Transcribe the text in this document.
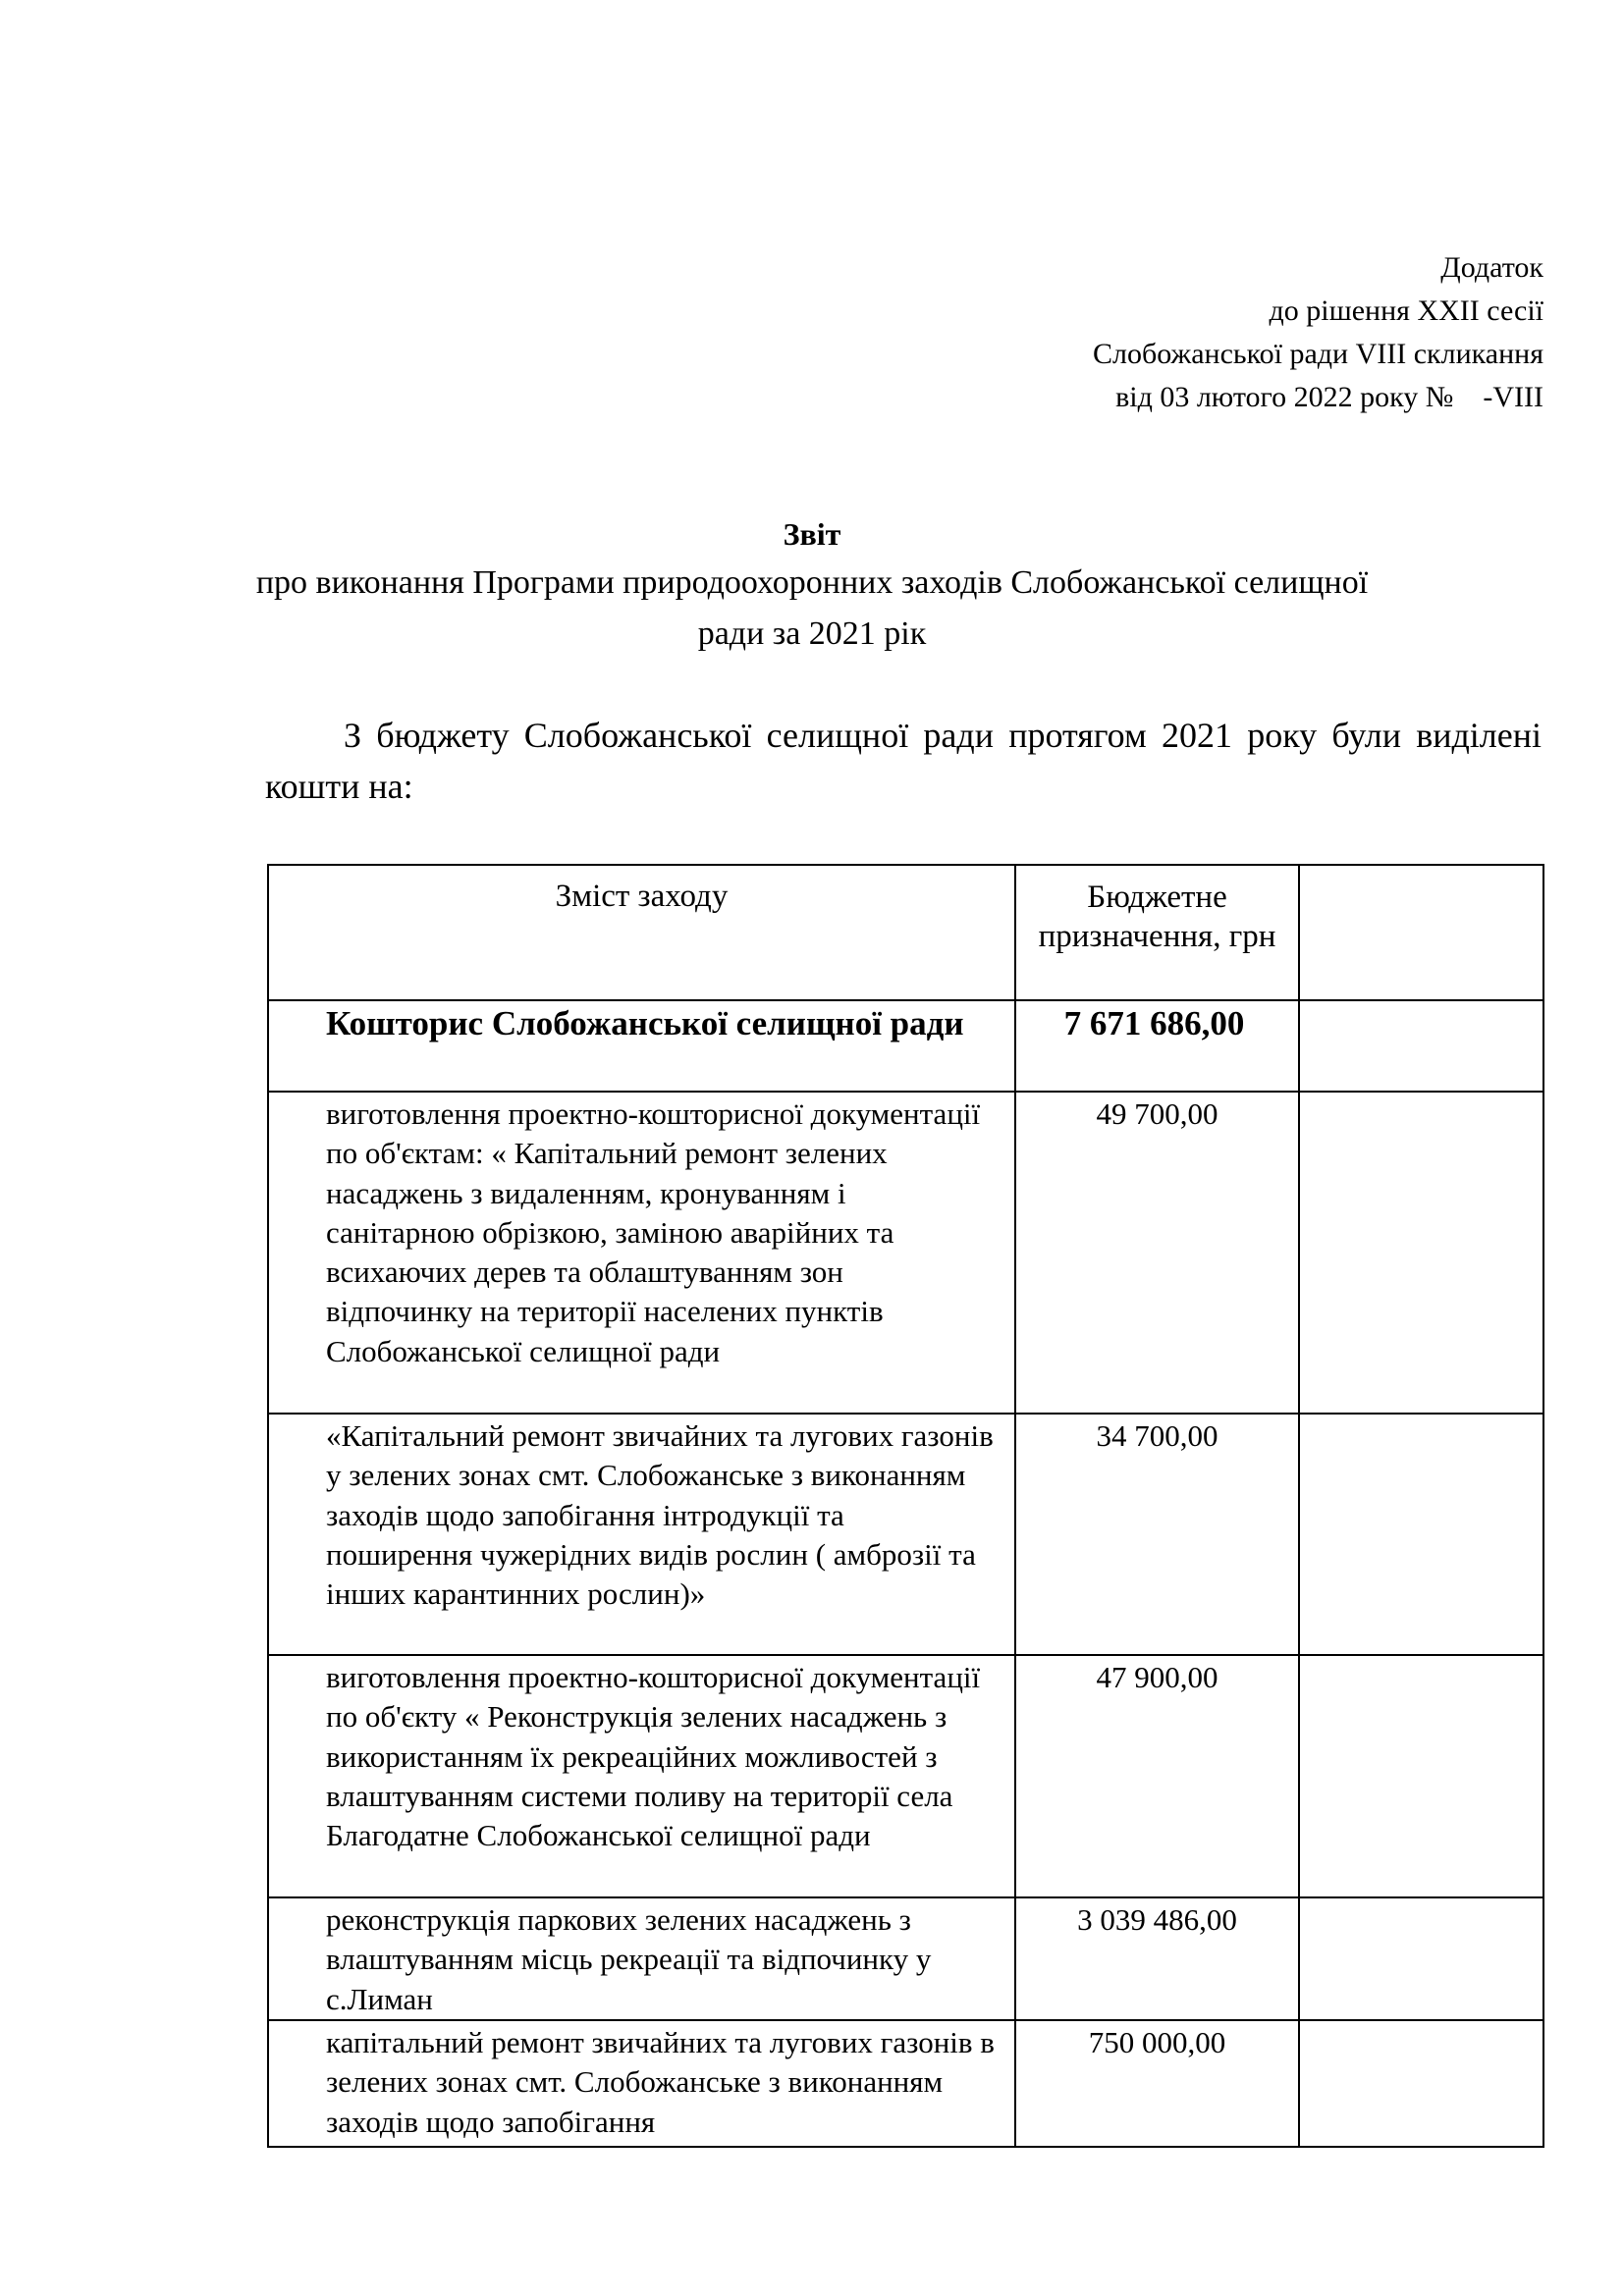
Додаток
до рішення XXII сесії
Слобожанської ради VIII скликання
від 03 лютого 2022 року №    -VIII

Звіт

про виконання Програми природоохоронних заходів Слобожанської селищної ради за 2021 рік

З бюджету Слобожанської селищної ради протягом 2021 року були виділені кошти на:
Зміст заходу	Бюджетне призначення, грн	

Кошторис Слобожанської селищної ради	7 671 686,00	

виготовлення проектно-кошторисної документації по об'єктам: « Капітальний ремонт зелених насаджень з видаленням, кронуванням і санітарною обрізкою, заміною аварійних та всихаючих дерев та облаштуванням зон відпочинку на території населених пунктів Слобожанської селищної ради	49 700,00	

«Капітальний ремонт звичайних та лугових газонів у зелених зонах смт. Слобожанське з виконанням заходів щодо запобігання інтродукції та поширення чужерідних видів рослин ( амброзії та інших карантинних рослин)»	34 700,00	

виготовлення проектно-кошторисної документації по об'єкту « Реконструкція зелених насаджень з використанням їх рекреаційних можливостей з влаштуванням системи поливу на території села Благодатне Слобожанської селищної ради	47 900,00	

реконструкція паркових зелених насаджень з влаштуванням місць рекреації та відпочинку у с.Лиман	3 039 486,00	

капітальний ремонт звичайних та лугових газонів в зелених зонах смт. Слобожанське з виконанням заходів щодо запобігання	750 000,00	
